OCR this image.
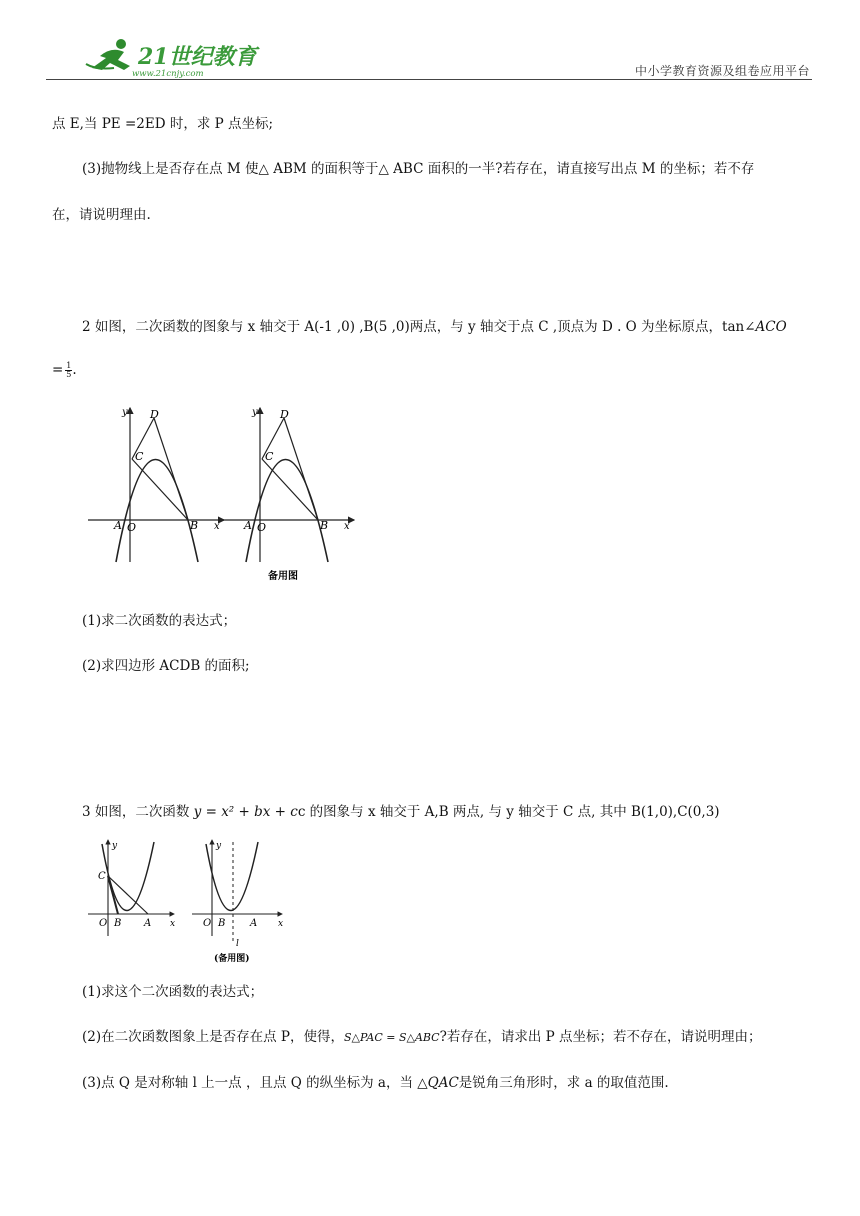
21世纪教育
www.21cnjy.com	中小学教育资源及组卷应用平台
点 E,当 PE =2ED 时，求 P 点坐标;
(3)抛物线上是否存在点 M 使△ ABM 的面积等于△ ABC 面积的一半?若存在，请直接写出点 M 的坐标；若不存
在，请说明理由.
2 如图，二次函数的图象与 x 轴交于 A(-1 ,0) ,B(5 ,0)两点，与 y 轴交于点 C ,顶点为 D . O 为坐标原点，tan∠ACO
= $\frac{1}{5}$ .
y D
C
A O	B x
y D
C
A O	B x
备用图
(1)求二次函数的表达式；
(2)求四边形 ACDB 的面积;
3 如图，二次函数 y = x² + bx + cc 的图象与 x 轴交于 A,B 两点, 与 y 轴交于 C 点, 其中 B(1,0),C(0,3)
y
C
O B A x
y
O B A x
l
(备用图)
(1)求这个二次函数的表达式；
(2)在二次函数图象上是否存在点 P，使得，S△PAC = S△ABC?若存在，请求出 P 点坐标；若不存在，请说明理由；
(3)点 Q 是对称轴 l 上一点 ，且点 Q 的纵坐标为 a，当 △QAC是锐角三角形时，求 a 的取值范围.
